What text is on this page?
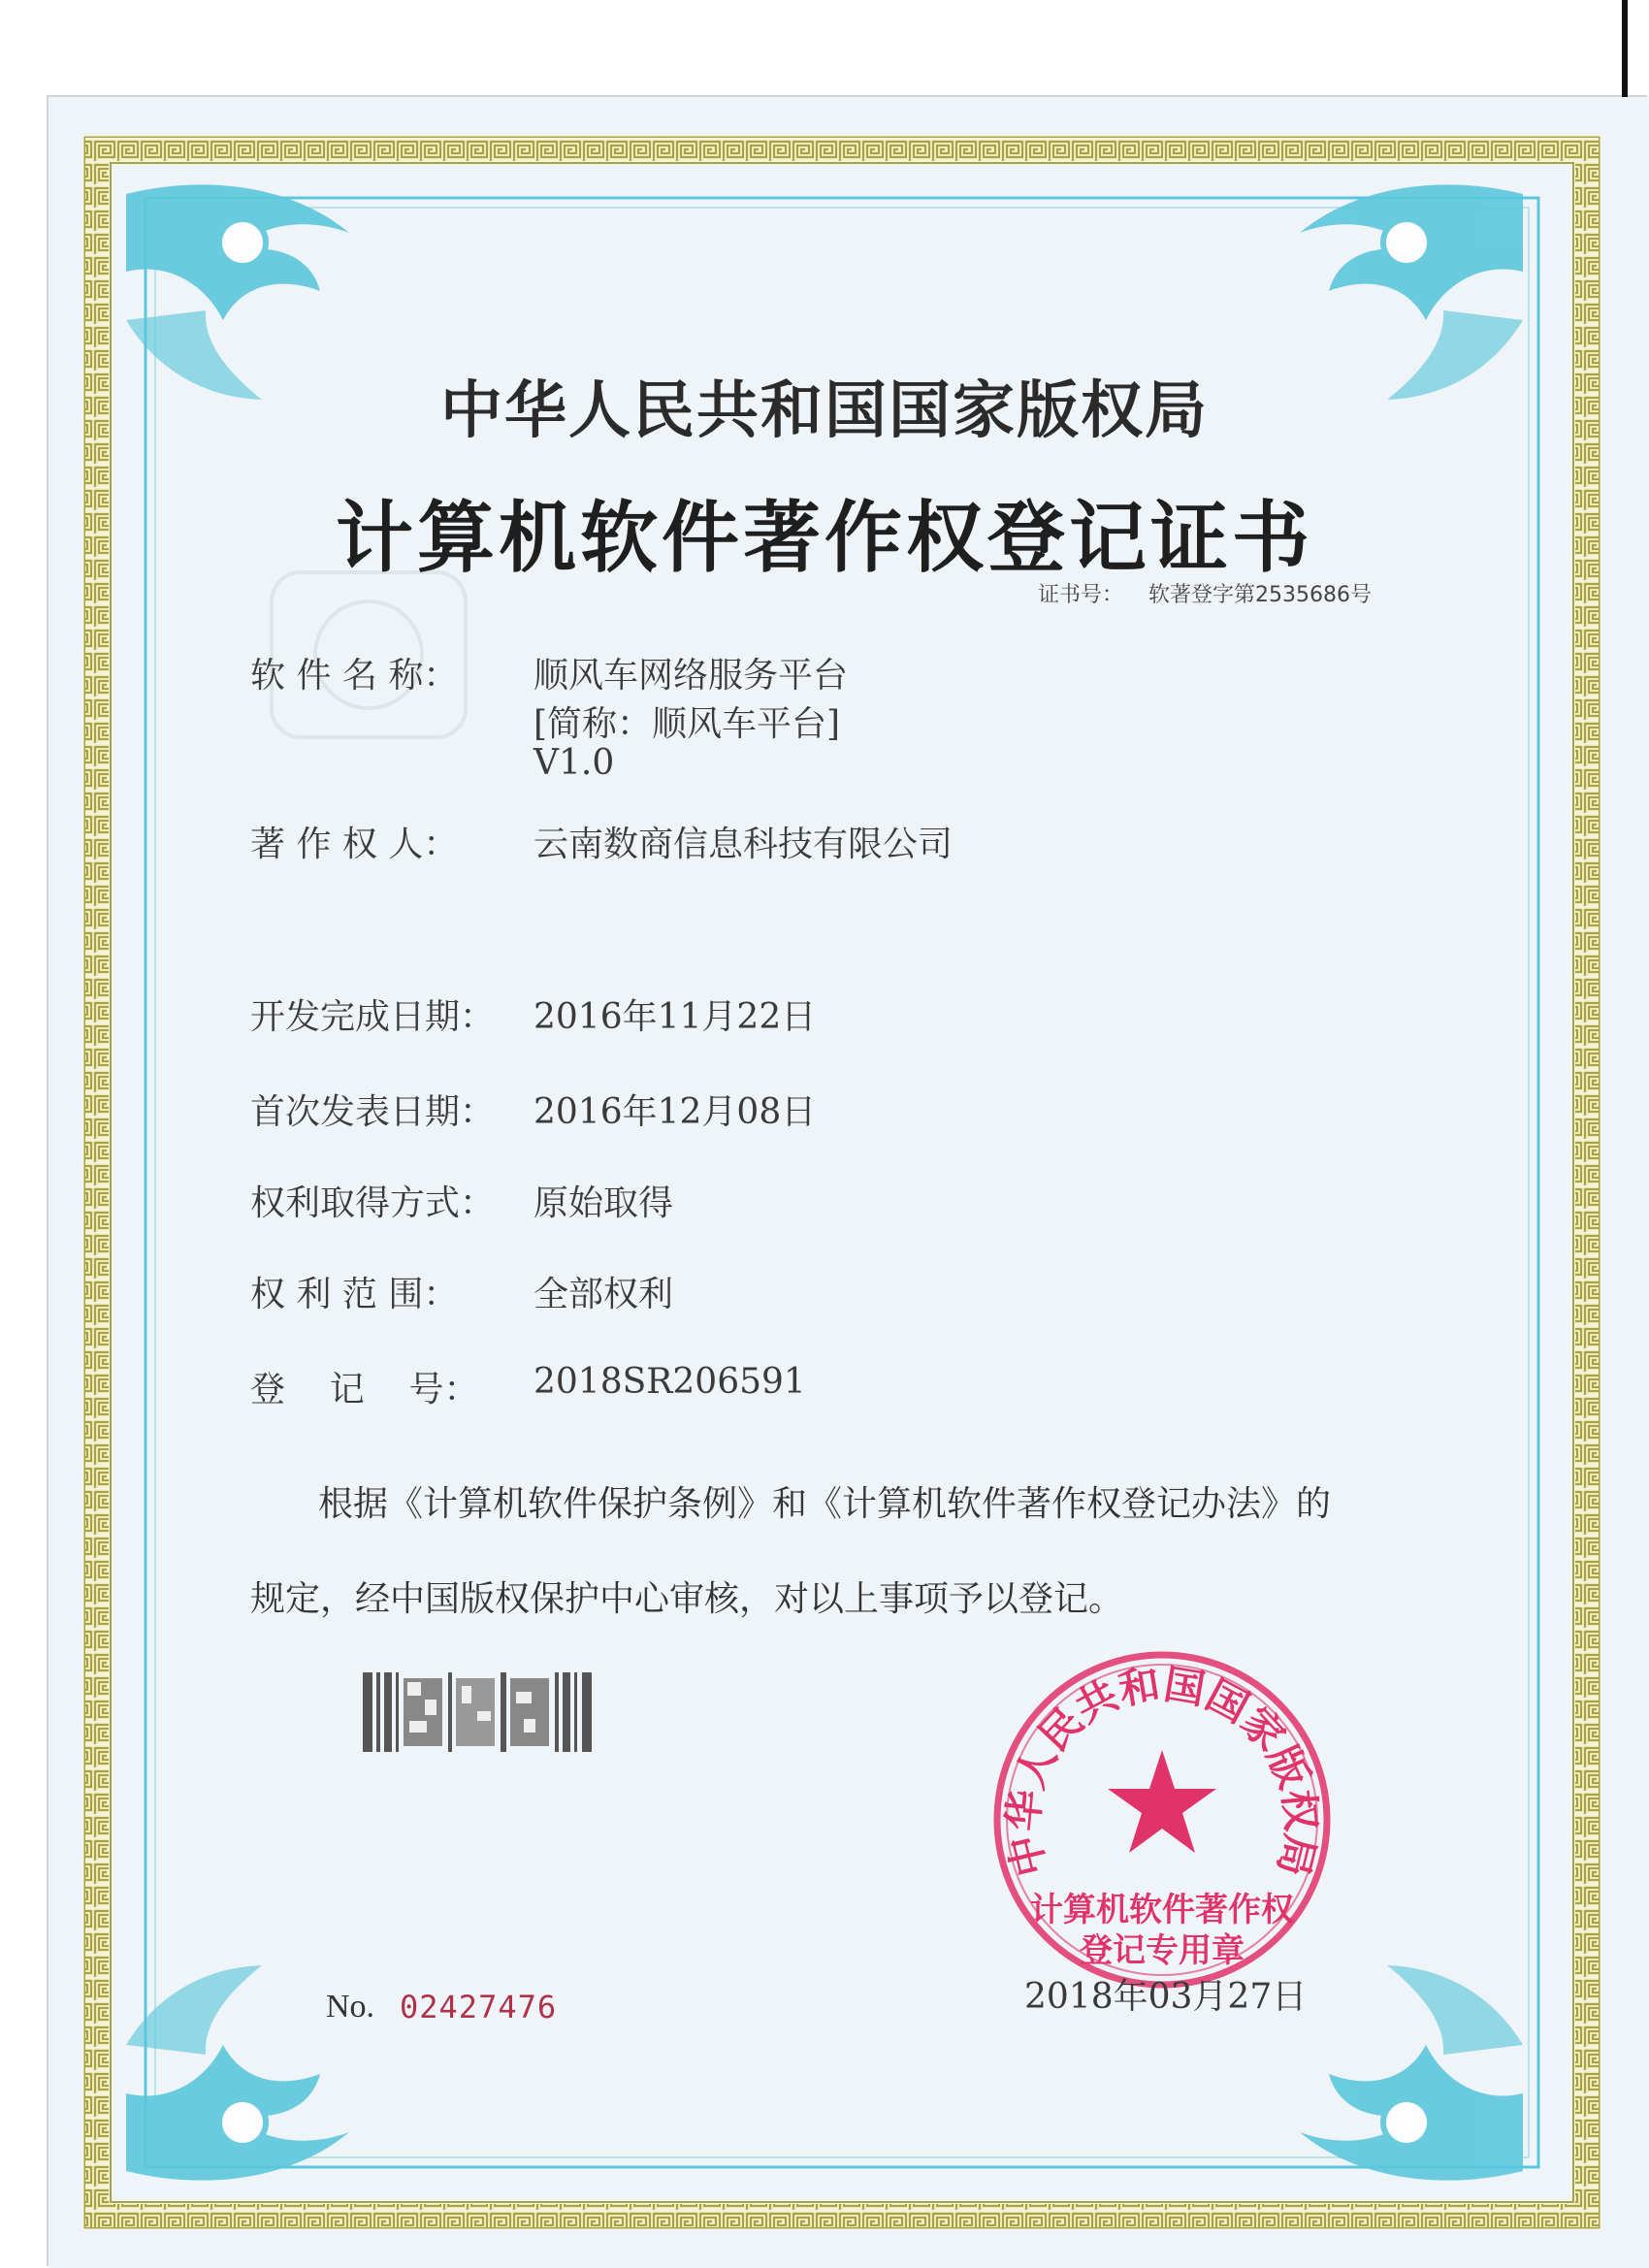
中华人民共和国国家版权局
计算机软件著作权登记证书
证书号： 软著登字第2535686号
软 件 名 称： 顺风车网络服务平台
[简称：顺风车平台]
V1.0
著 作 权 人： 云南数商信息科技有限公司
开发完成日期： 2016年11月22日
首次发表日期： 2016年12月08日
权利取得方式： 原始取得
权 利 范 围： 全部权利
登    记    号： 2018SR206591
根据《计算机软件保护条例》和《计算机软件著作权登记办法》的
规定，经中国版权保护中心审核，对以上事项予以登记。
中华人民共和国国家版权局
计算机软件著作权
登记专用章
No. 02427476	2018年03月27日
